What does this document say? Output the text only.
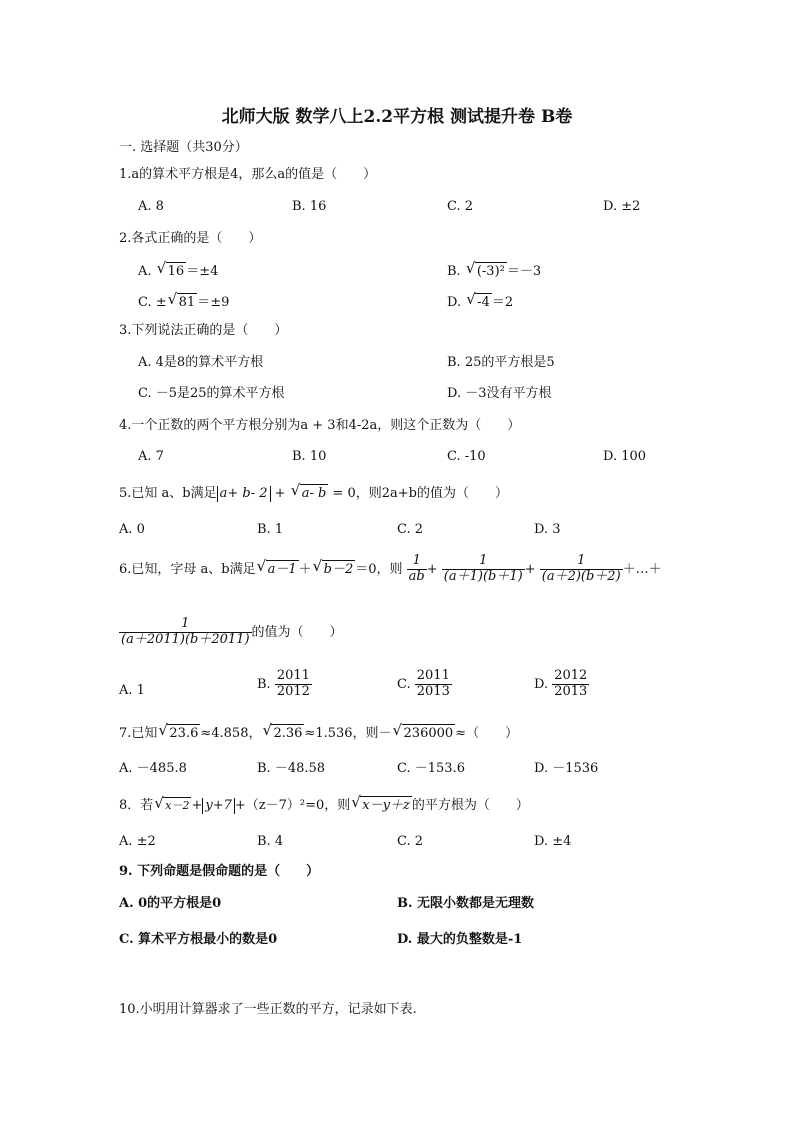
北师大版 数学八上2.2平方根 测试提升卷 B卷
一. 选择题（共30分）
1.a的算术平方根是4，那么a的值是（　　）
A. 8	B. 16	C. 2	D. ±2
2.各式正确的是（　　）
A. √ 16 ＝±4	B. √ (-3)² ＝－3
C. ± √ 81 ＝±9	D. √ -4 ＝2
3.下列说法正确的是（　　）
A. 4是8的算术平方根	B. 25的平方根是5
C. －5是25的算术平方根	D. －3没有平方根
4.一个正数的两个平方根分别为a + 3和4-2a，则这个正数为（　　）
A. 7	B. 10	C. -10	D. 100
5.已知 a、b满足 a+ b- 2 + √ a- b = 0，则2a+b的值为（　　）
A. 0	B. 1	C. 2	D. 3
6.已知，字母 a、b满足 √ a－1 ＋ √ b－2 ＝0，则 $\frac{1}{ab} + \frac{1}{(a+1)(b+1)} + \frac{1}{(a+2)(b+2)}$ ＋…＋
$\frac{1}{(a+2011)(b+2011)}$ 的值为（　　）
A. 1	B. $\frac{2011}{2012}$	C. $\frac{2011}{2013}$	D. $\frac{2012}{2013}$
7.已知 √ 23.6 ≈4.858， √ 2.36 ≈1.536，则－ √ 236000 ≈（　　）
A. －485.8	B. －48.58	C. －153.6	D. －1536
8．若 √ x－2 + y+7 +（z－7）²=0，则 √ x－y＋z 的平方根为（　　）
A. ±2	B. 4	C. 2	D. ±4
9. 下列命题是假命题的是（　　）
A. 0的平方根是0	B. 无限小数都是无理数
C. 算术平方根最小的数是0	D. 最大的负整数是-1
10.小明用计算器求了一些正数的平方，记录如下表.
